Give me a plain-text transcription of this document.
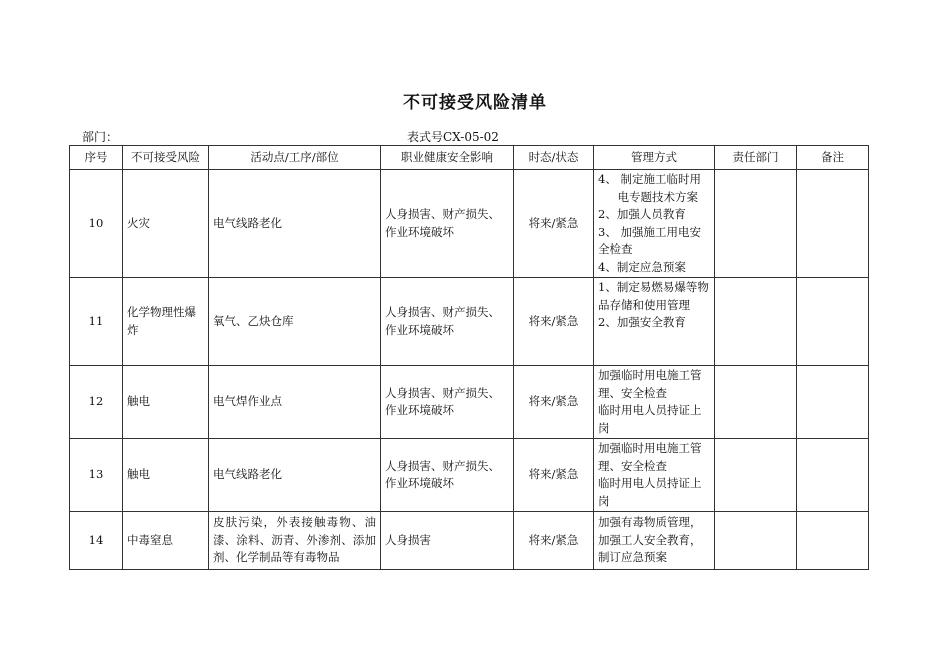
不可接受风险清单
部门：	表式号CX-05-02
序号	不可接受风险	活动点/工序/部位	职业健康安全影响	时态/状态	管理方式	责任部门	备注
10	火灾	电气线路老化	人身损害、财产损失、作业环境破坏	将来/紧急	4、 制定施工临时用
电专题技术方案
2、加强人员教育
3、 加强施工用电安全检查
4、制定应急预案		

11	化学物理性爆炸	氧气、乙炔仓库	人身损害、财产损失、作业环境破坏	将来/紧急	1、制定易燃易爆等物品存储和使用管理
2、加强安全教育		

12	触电	电气焊作业点	人身损害、财产损失、作业环境破坏	将来/紧急	加强临时用电施工管理、安全检查
临时用电人员持证上岗		

13	触电	电气线路老化	人身损害、财产损失、作业环境破坏	将来/紧急	加强临时用电施工管理、安全检查
临时用电人员持证上岗		

14	中毒窒息	皮肤污染，外表接触毒物、油漆、涂料、沥青、外渗剂、添加剂、化学制品等有毒物品	人身损害	将来/紧急	加强有毒物质管理，
加强工人安全教育，
制订应急预案		
